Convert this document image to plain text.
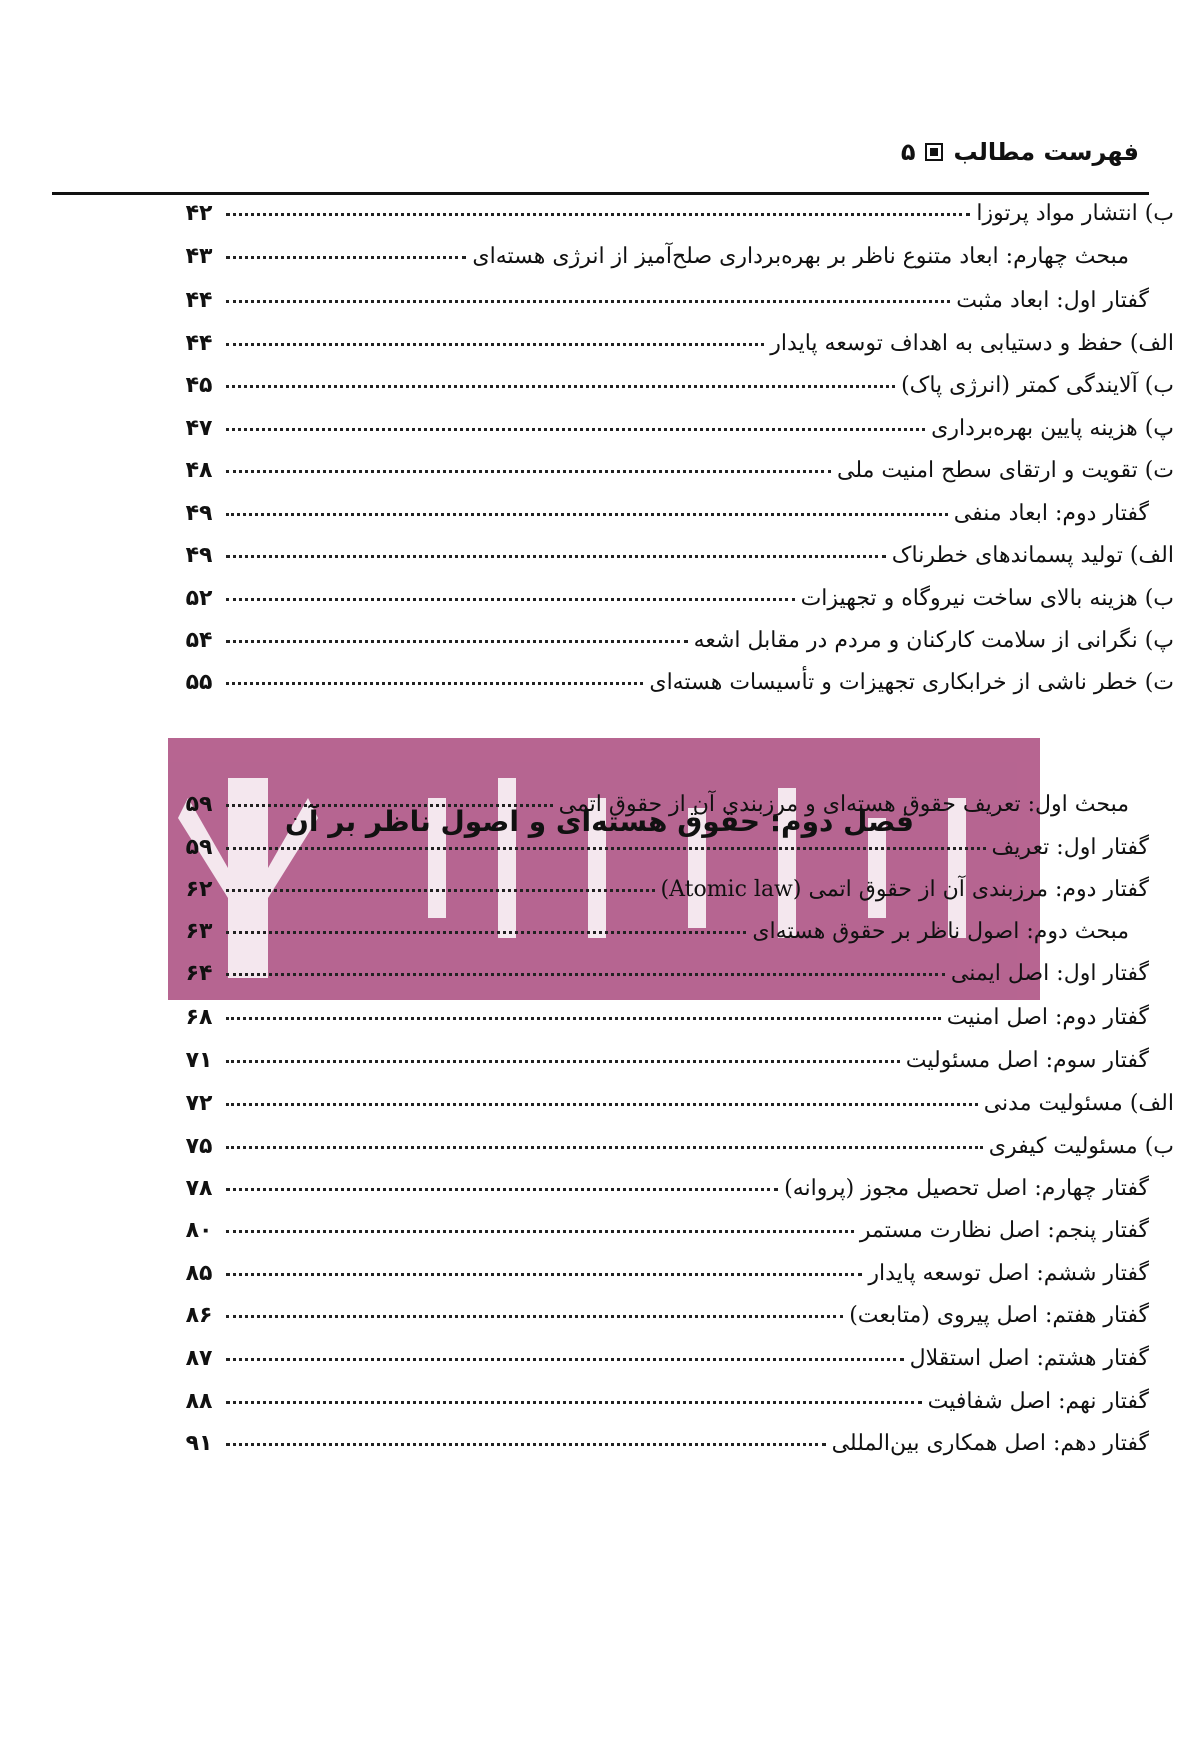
فهرست مطالب
۵
ب) انتشار مواد پرتوزا
۴۲
مبحث چهارم: ابعاد متنوع ناظر بر بهره‌برداری صلح‌آمیز از انرژی هسته‌ای
۴۳
گفتار اول: ابعاد مثبت
۴۴
الف) حفظ و دستیابی به اهداف توسعه پایدار
۴۴
ب) آلایندگی کمتر (انرژی پاک)
۴۵
پ) هزینه پایین بهره‌برداری
۴۷
ت) تقویت و ارتقای سطح امنیت ملی
۴۸
گفتار دوم: ابعاد منفی
۴۹
الف) تولید پسماندهای خطرناک
۴۹
ب) هزینه بالای ساخت نیروگاه و تجهیزات
۵۲
پ) نگرانی از سلامت کارکنان و مردم در مقابل اشعه
۵۴
ت) خطر ناشی از خرابکاری تجهیزات و تأسیسات هسته‌ای
۵۵
مبحث اول: تعریف حقوق هسته‌ای و مرزبندی آن از حقوق اتمی
۵۹
گفتار اول: تعریف
۵۹
گفتار دوم: مرزبندی آن از حقوق اتمی (Atomic law)
۶۲
مبحث دوم: اصول ناظر بر حقوق هسته‌ای
۶۳
گفتار اول: اصل ایمنی
۶۴
گفتار دوم: اصل امنیت
۶۸
گفتار سوم: اصل مسئولیت
۷۱
الف) مسئولیت مدنی
۷۲
ب) مسئولیت کیفری
۷۵
گفتار چهارم: اصل تحصیل مجوز (پروانه)
۷۸
گفتار پنجم: اصل نظارت مستمر
۸۰
گفتار ششم: اصل توسعه پایدار
۸۵
گفتار هفتم: اصل پیروی (متابعت)
۸۶
گفتار هشتم: اصل استقلال
۸۷
گفتار نهم: اصل شفافیت
۸۸
گفتار دهم: اصل همکاری بین‌المللی
۹۱
فصل دوم: حقوق هسته‌ای و اصول ناظر بر آن
